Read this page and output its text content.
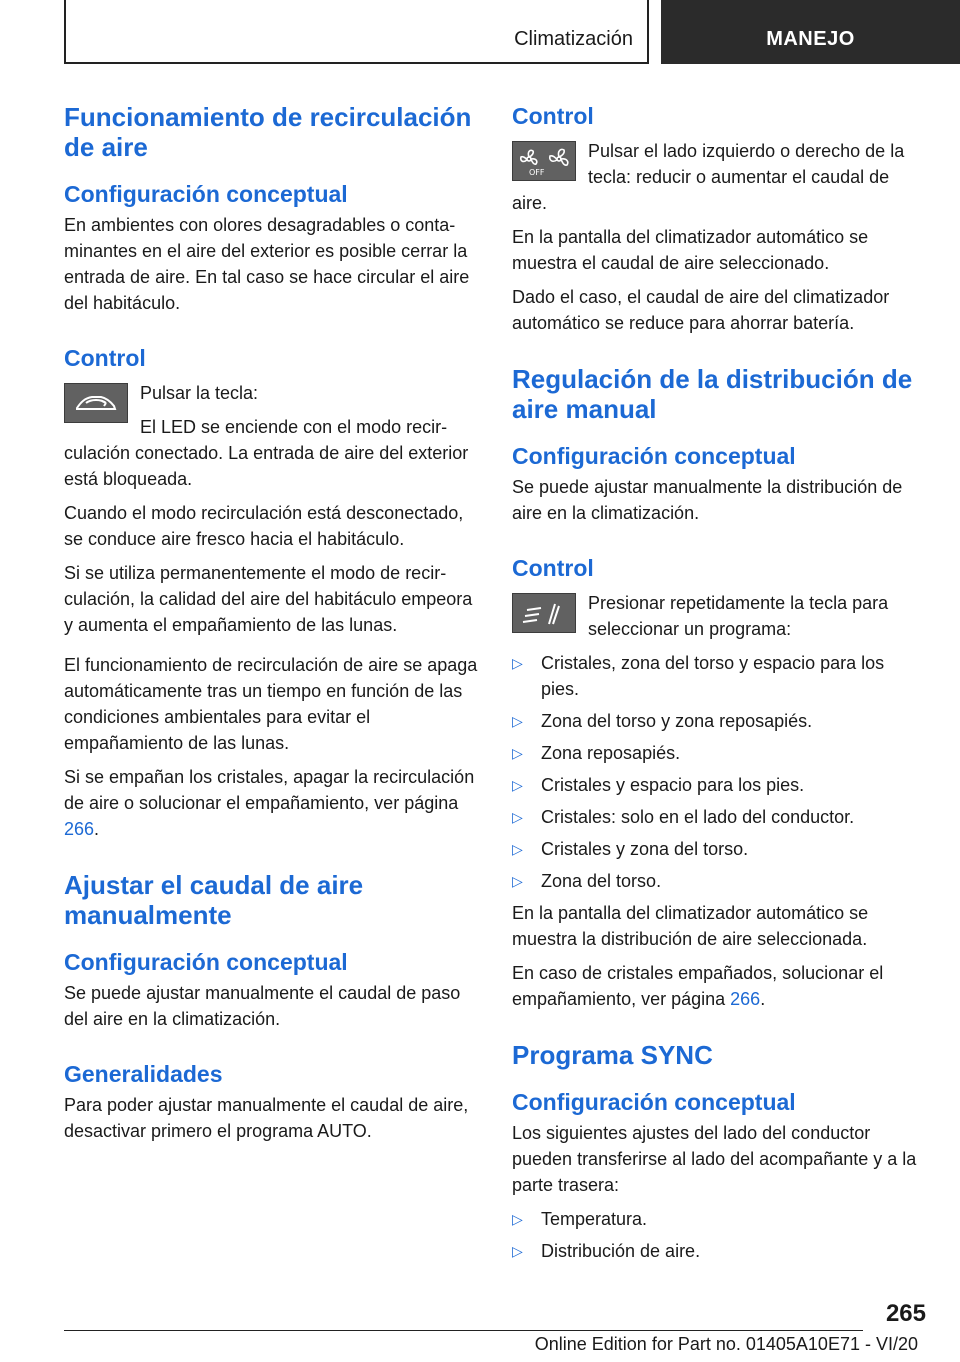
Climatización	MANEJO
Funcionamiento de recirculación de aire
Configuración conceptual

En ambientes con olores desagradables o contaminantes en el aire del exterior es posible cerrar la entrada de aire. En tal caso se hace circular el aire del habitáculo.

Control

Pulsar la tecla:

El LED se enciende con el modo recirculación conectado. La entrada de aire del exterior está bloqueada.

Cuando el modo recirculación está desconectado, se conduce aire fresco hacia el habitáculo.

Si se utiliza permanentemente el modo de recirculación, la calidad del aire del habitáculo empeora y aumenta el empañamiento de las lunas.

El funcionamiento de recirculación de aire se apaga automáticamente tras un tiempo en función de las condiciones ambientales para evitar el empañamiento de las lunas.

Si se empañan los cristales, apagar la recirculación de aire o solucionar el empañamiento, ver página 266.

Ajustar el caudal de aire manualmente
Configuración conceptual

Se puede ajustar manualmente el caudal de paso del aire en la climatización.

Generalidades

Para poder ajustar manualmente el caudal de aire, desactivar primero el programa AUTO.

Control
OFF

Pulsar el lado izquierdo o derecho de la tecla: reducir o aumentar el caudal de aire.

En la pantalla del climatizador automático se muestra el caudal de aire seleccionado.

Dado el caso, el caudal de aire del climatizador automático se reduce para ahorrar batería.

Regulación de la distribución de aire manual
Configuración conceptual

Se puede ajustar manualmente la distribución de aire en la climatización.

Control

Presionar repetidamente la tecla para seleccionar un programa:

▷ Cristales, zona del torso y espacio para los pies.
▷ Zona del torso y zona reposapiés.
▷ Zona reposapiés.
▷ Cristales y espacio para los pies.
▷ Cristales: solo en el lado del conductor.
▷ Cristales y zona del torso.
▷ Zona del torso.

En la pantalla del climatizador automático se muestra la distribución de aire seleccionada.

En caso de cristales empañados, solucionar el empañamiento, ver página 266.

Programa SYNC
Configuración conceptual

Los siguientes ajustes del lado del conductor pueden transferirse al lado del acompañante y a la parte trasera:

▷ Temperatura.
▷ Distribución de aire.
265
Online Edition for Part no. 01405A10E71 - VI/20
